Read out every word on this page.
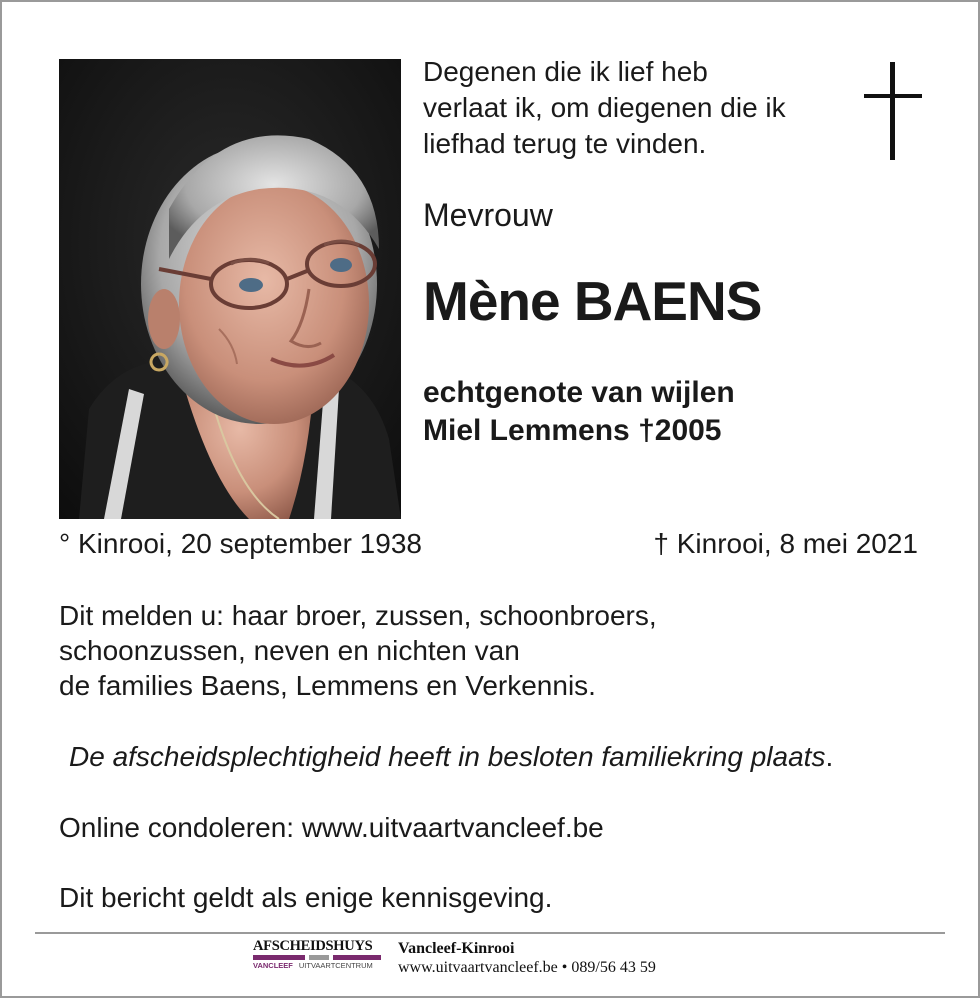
Degenen die ik lief heb
verlaat ik, om diegenen die ik
liefhad terug te vinden.
Mevrouw
Mène BAENS
echtgenote van wijlen
Miel Lemmens †2005
° Kinrooi, 20 september 1938	† Kinrooi, 8 mei 2021
Dit melden u: haar broer, zussen, schoonbroers,
schoonzussen, neven en nichten van
de families Baens, Lemmens en Verkennis.
De afscheidsplechtigheid heeft in besloten familiekring plaats.
Online condoleren: www.uitvaartvancleef.be
Dit bericht geldt als enige kennisgeving.
AFSCHEIDSHUYS
VANCLEEF UITVAARTCENTRUM
Vancleef-Kinrooi
www.uitvaartvancleef.be • 089/56 43 59
